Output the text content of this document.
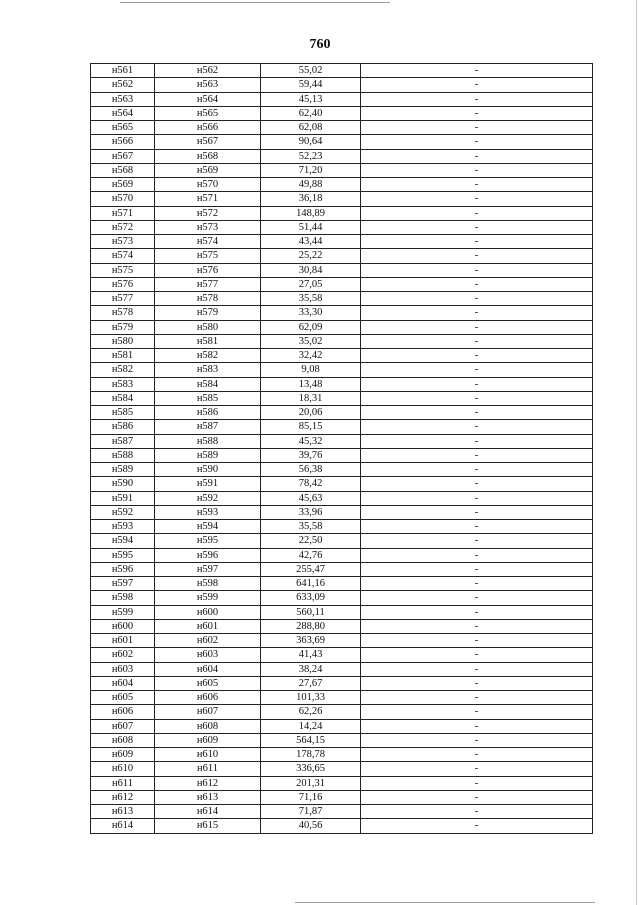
760
н561	н562	55,02	-
н562	н563	59,44	-
н563	н564	45,13	-
н564	н565	62,40	-
н565	н566	62,08	-
н566	н567	90,64	-
н567	н568	52,23	-
н568	н569	71,20	-
н569	н570	49,88	-
н570	н571	36,18	-
н571	н572	148,89	-
н572	н573	51,44	-
н573	н574	43,44	-
н574	н575	25,22	-
н575	н576	30,84	-
н576	н577	27,05	-
н577	н578	35,58	-
н578	н579	33,30	-
н579	н580	62,09	-
н580	н581	35,02	-
н581	н582	32,42	-
н582	н583	9,08	-
н583	н584	13,48	-
н584	н585	18,31	-
н585	н586	20,06	-
н586	н587	85,15	-
н587	н588	45,32	-
н588	н589	39,76	-
н589	н590	56,38	-
н590	н591	78,42	-
н591	н592	45,63	-
н592	н593	33,96	-
н593	н594	35,58	-
н594	н595	22,50	-
н595	н596	42,76	-
н596	н597	255,47	-
н597	н598	641,16	-
н598	н599	633,09	-
н599	н600	560,11	-
н600	н601	288,80	-
н601	н602	363,69	-
н602	н603	41,43	-
н603	н604	38,24	-
н604	н605	27,67	-
н605	н606	101,33	-
н606	н607	62,26	-
н607	н608	14,24	-
н608	н609	564,15	-
н609	н610	178,78	-
н610	н611	336,65	-
н611	н612	201,31	-
н612	н613	71,16	-
н613	н614	71,87	-
н614	н615	40,56	-
